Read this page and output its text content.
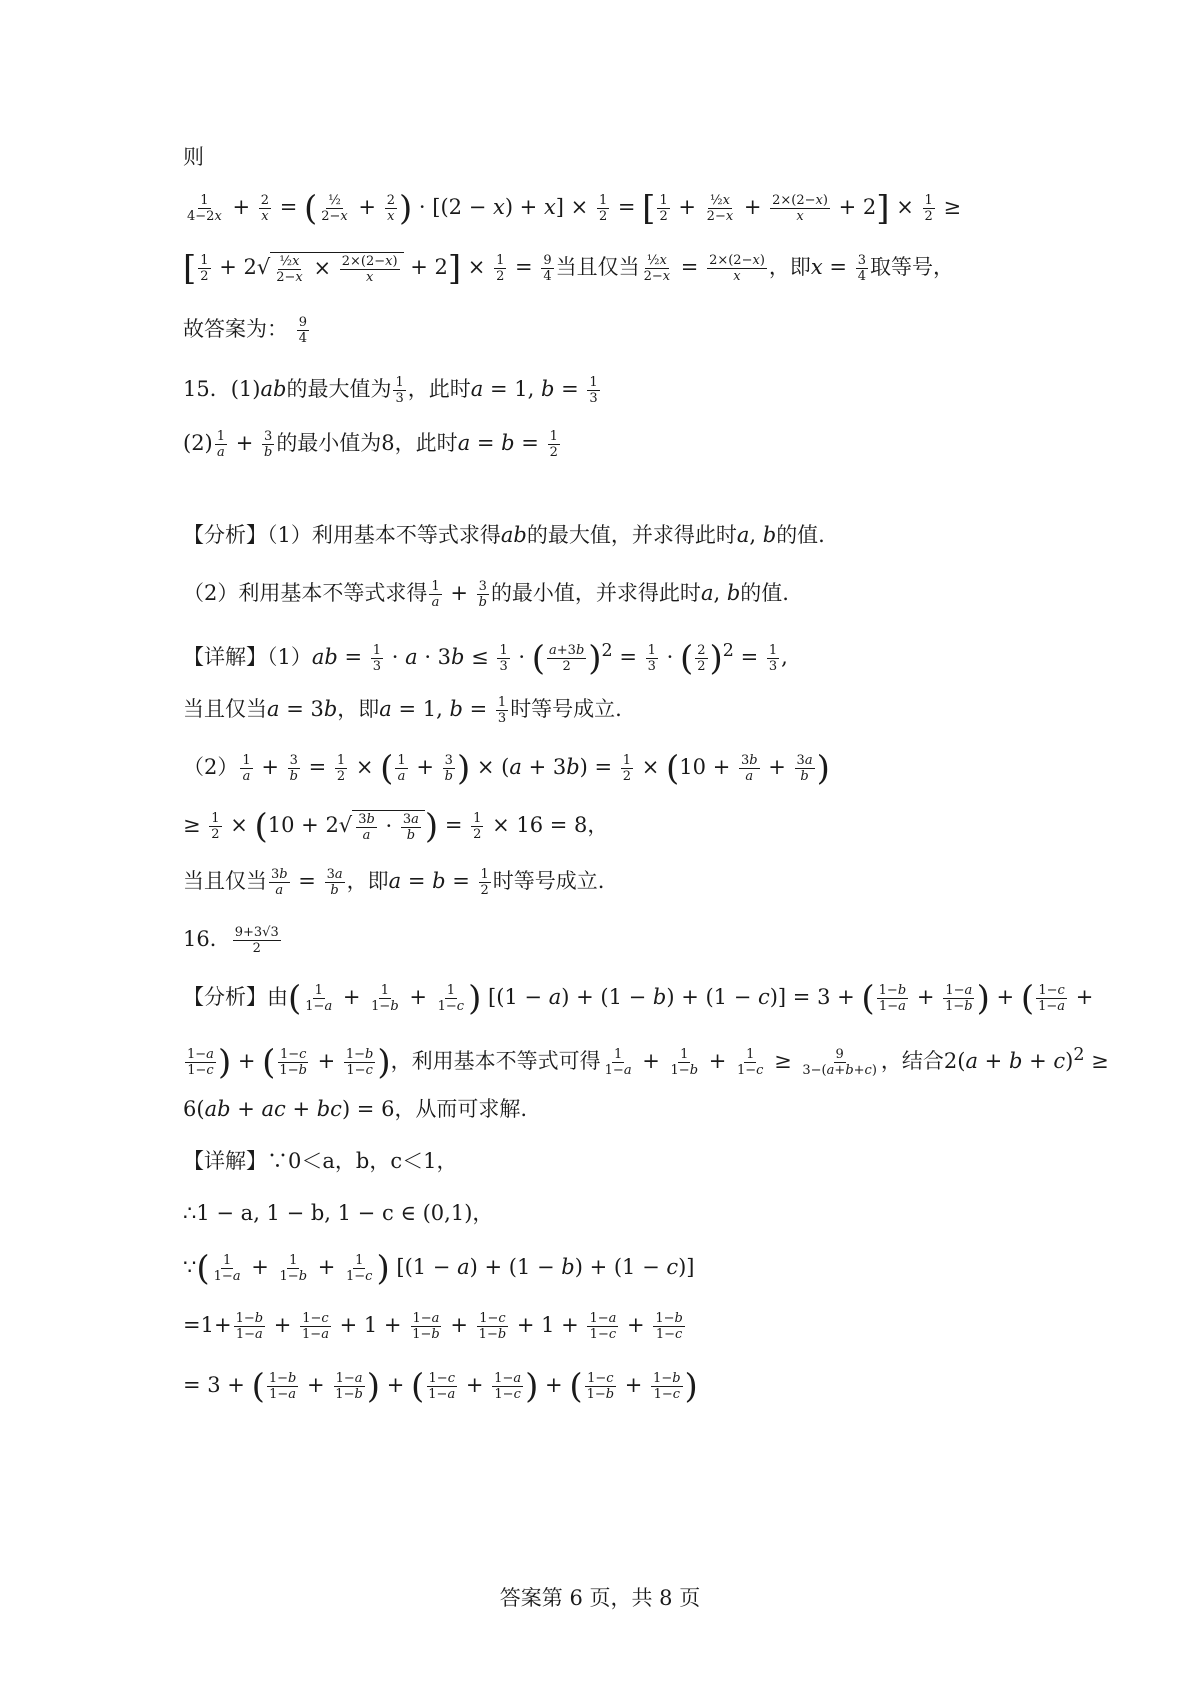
则
$\frac{1}{4-2x} + \frac{2}{x}$ = ( $\frac{\text{½}}{2-x} + \frac{2}{x}$ ) · $[(2 - x) + x] \times \frac{1}{2}$ = [ $\frac{1}{2} + \frac{\text{½x}}{2-x} + \frac{2\times(2-x)}{x} + 2] \times \frac{1}{2}$ ≥
[ $\frac{1}{2} + 2√ \frac{\text{½x}}{2-x} \times \frac{2\times(2-x)}{x} + 2] \times \frac{1}{2} = \frac{9}{4}$ 当且仅当 $\frac{\text{½x}}{2-x} = \frac{2\times(2-x)}{x}$ ，即$x = \frac{3}{4}$ 取等号，
故答案为： $\frac{9}{4}$
15．(1)ab的最大值为 $\frac{1}{3}$ ，此时a = 1, $b = \frac{1}{3}$
$(2) \frac{1}{a} + \frac{3}{b}$ 的最小值为8，此时$a = b = \frac{1}{2}$
【分析】（1）利用基本不等式求得ab的最大值，并求得此时a, b的值.
（2）利用基本不等式求得 $\frac{1}{a} + \frac{3}{b}$ 的最小值，并求得此时a, b的值.
【详解】$(1)ab = \frac{1}{3} \cdot a \cdot 3b \le \frac{1}{3}$ · ( $\frac{a+3b}{2} )^2 = \frac{1}{3}$ · ( $\frac{2}{2} )^2 = \frac{1}{3}$ ,
当且仅当a = 3b，即a = 1, $b = \frac{1}{3}$ 时等号成立.
$(2) \frac{1}{a} + \frac{3}{b} = \frac{1}{2}$ × ( $\frac{1}{a} + \frac{3}{b}$ ) × $(a + 3b) = \frac{1}{2} \times (10 + \frac{3b}{a} + \frac{3a}{b}$ )
≥ $\frac{1}{2} \times (10 + 2√ \frac{3b}{a} \cdot \frac{3a}{b}$ ) = $\frac{1}{2} \times 16 = 8$，
当且仅当 $\frac{3b}{a} = \frac{3a}{b}$ ，即$a = b = \frac{1}{2}$ 时等号成立.
16． $\frac{9+3√3}{2}$
【分析】由( $\frac{1}{1-a} + \frac{1}{1-b} + \frac{1}{1-c}$ ) [(1 − a) + (1 − b) + (1 − c)] = 3 + ( $\frac{1-b}{1-a} + \frac{1-a}{1-b}$ ) + ( $\frac{1-c}{1-a}$ +
$\frac{1-a}{1-c}$ ) + ( $\frac{1-c}{1-b} + \frac{1-b}{1-c}$ )，利用基本不等式可得 $\frac{1}{1-a} + \frac{1}{1-b} + \frac{1}{1-c} \ge \frac{9}{3-(a+b+c)}$ ，结合$2(a + b + c)^2$ ≥
6(ab + ac + bc) = 6，从而可求解.
【详解】∵0＜a，b，c＜1，
∴1 − a, 1 − b, 1 − c ∈ (0,1)，
∵( $\frac{1}{1-a} + \frac{1}{1-b} + \frac{1}{1-c}$ ) [(1 − a) + (1 − b) + (1 − c)]
$=1+ \frac{1-b}{1-a} + \frac{1-c}{1-a} + 1 + \frac{1-a}{1-b} + \frac{1-c}{1-b} + 1 + \frac{1-a}{1-c} + \frac{1-b}{1-c}$
= 3 + ( $\frac{1-b}{1-a} + \frac{1-a}{1-b}$ ) + ( $\frac{1-c}{1-a} + \frac{1-a}{1-c}$ ) + ( $\frac{1-c}{1-b} + \frac{1-b}{1-c}$ )
答案第 6 页，共 8 页
